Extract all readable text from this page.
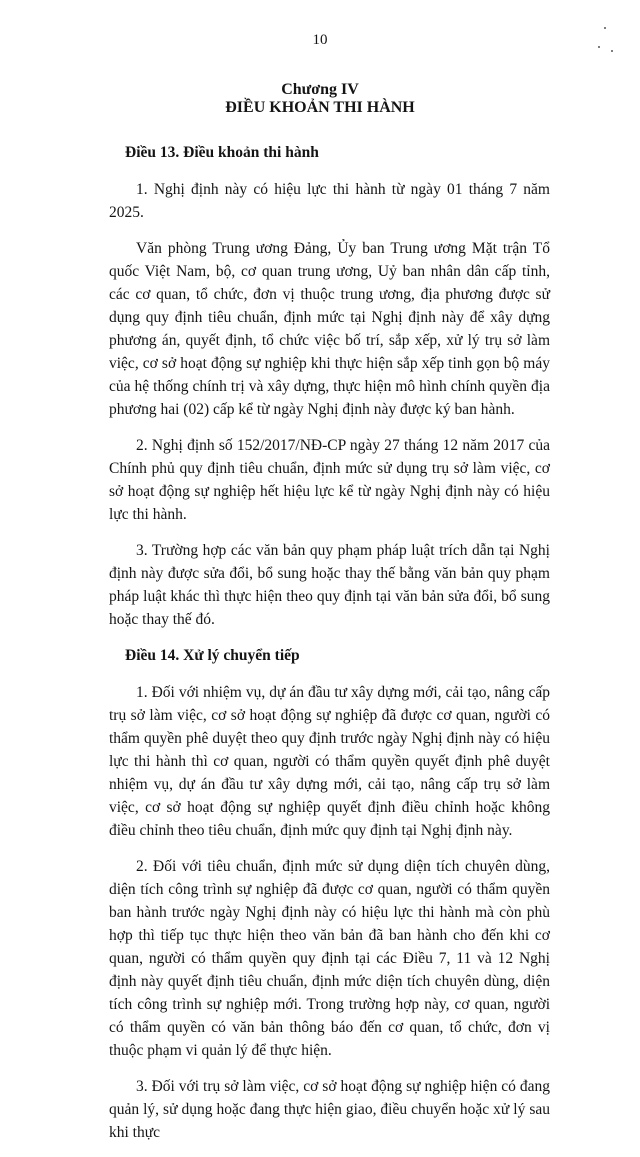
10
Chương IV
ĐIỀU KHOẢN THI HÀNH
Điều 13. Điều khoản thi hành

1. Nghị định này có hiệu lực thi hành từ ngày 01 tháng 7 năm 2025.

Văn phòng Trung ương Đảng, Ủy ban Trung ương Mặt trận Tổ quốc Việt Nam, bộ, cơ quan trung ương, Uỷ ban nhân dân cấp tỉnh, các cơ quan, tổ chức, đơn vị thuộc trung ương, địa phương được sử dụng quy định tiêu chuẩn, định mức tại Nghị định này để xây dựng phương án, quyết định, tổ chức việc bố trí, sắp xếp, xử lý trụ sở làm việc, cơ sở hoạt động sự nghiệp khi thực hiện sắp xếp tinh gọn bộ máy của hệ thống chính trị và xây dựng, thực hiện mô hình chính quyền địa phương hai (02) cấp kể từ ngày Nghị định này được ký ban hành.

2. Nghị định số 152/2017/NĐ-CP ngày 27 tháng 12 năm 2017 của Chính phủ quy định tiêu chuẩn, định mức sử dụng trụ sở làm việc, cơ sở hoạt động sự nghiệp hết hiệu lực kể từ ngày Nghị định này có hiệu lực thi hành.

3. Trường hợp các văn bản quy phạm pháp luật trích dẫn tại Nghị định này được sửa đổi, bổ sung hoặc thay thế bằng văn bản quy phạm pháp luật khác thì thực hiện theo quy định tại văn bản sửa đổi, bổ sung hoặc thay thế đó.

Điều 14. Xử lý chuyển tiếp

1. Đối với nhiệm vụ, dự án đầu tư xây dựng mới, cải tạo, nâng cấp trụ sở làm việc, cơ sở hoạt động sự nghiệp đã được cơ quan, người có thẩm quyền phê duyệt theo quy định trước ngày Nghị định này có hiệu lực thi hành thì cơ quan, người có thẩm quyền quyết định phê duyệt nhiệm vụ, dự án đầu tư xây dựng mới, cải tạo, nâng cấp trụ sở làm việc, cơ sở hoạt động sự nghiệp quyết định điều chỉnh hoặc không điều chỉnh theo tiêu chuẩn, định mức quy định tại Nghị định này.

2. Đối với tiêu chuẩn, định mức sử dụng diện tích chuyên dùng, diện tích công trình sự nghiệp đã được cơ quan, người có thẩm quyền ban hành trước ngày Nghị định này có hiệu lực thi hành mà còn phù hợp thì tiếp tục thực hiện theo văn bản đã ban hành cho đến khi cơ quan, người có thẩm quyền quy định tại các Điều 7, 11 và 12 Nghị định này quyết định tiêu chuẩn, định mức diện tích chuyên dùng, diện tích công trình sự nghiệp mới. Trong trường hợp này, cơ quan, người có thẩm quyền có văn bản thông báo đến cơ quan, tổ chức, đơn vị thuộc phạm vi quản lý để thực hiện.

3. Đối với trụ sở làm việc, cơ sở hoạt động sự nghiệp hiện có đang quản lý, sử dụng hoặc đang thực hiện giao, điều chuyển hoặc xử lý sau khi thực
